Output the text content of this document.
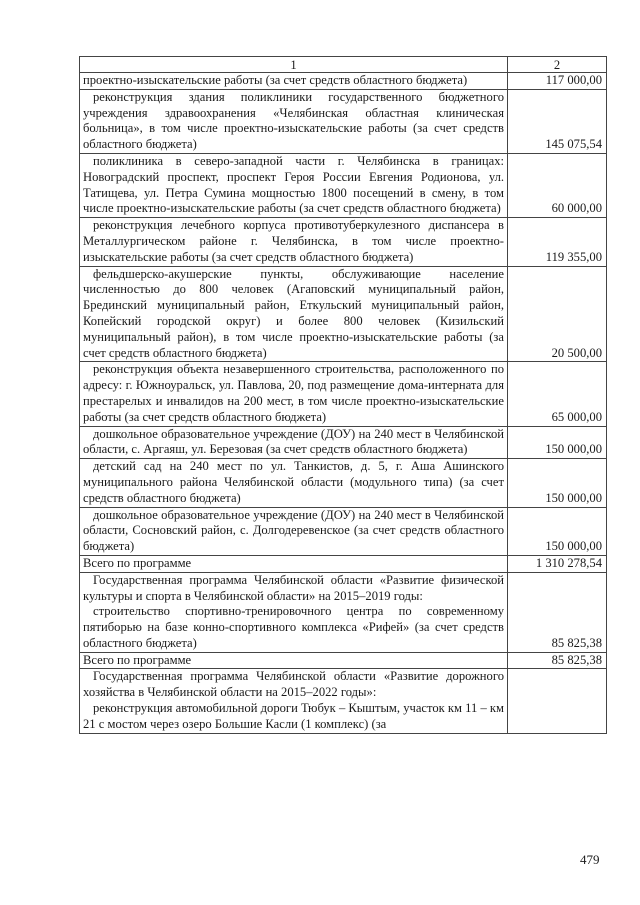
1	2
проектно-изыскательские работы (за счет средств областного бюджета)	117 000,00

реконструкция здания поликлиники государственного бюджетного учреждения здравоохранения «Челябинская областная клиническая больница», в том числе проектно-изыскательские работы (за счет средств областного бюджета)	145 075,54

поликлиника в северо-западной части г. Челябинска в границах: Новоградский проспект, проспект Героя России Евгения Родионова, ул. Татищева, ул. Петра Сумина мощностью 1800 посещений в смену, в том числе проектно-изыскательские работы (за счет средств областного бюджета)	60 000,00

реконструкция лечебного корпуса противотуберкулезного диспансера в Металлургическом районе г. Челябинска, в том числе проектно-изыскательские работы (за счет средств областного бюджета)	119 355,00

фельдшерско-акушерские пункты, обслуживающие население численностью до 800 человек (Агаповский муниципальный район, Брединский муниципальный район, Еткульский муниципальный район, Копейский городской округ) и более 800 человек (Кизильский муниципальный район), в том числе проектно-изыскательские работы (за счет средств областного бюджета)	20 500,00

реконструкция объекта незавершенного строительства, расположенного по адресу: г. Южноуральск, ул. Павлова, 20, под размещение дома-интерната для престарелых и инвалидов на 200 мест, в том числе проектно-изыскательские работы (за счет средств областного бюджета)	65 000,00

дошкольное образовательное учреждение (ДОУ) на 240 мест в Челябинской области, с. Аргаяш, ул. Березовая (за счет средств областного бюджета)	150 000,00

детский сад на 240 мест по ул. Танкистов, д. 5, г. Аша Ашинского муниципального района Челябинской области (модульного типа) (за счет средств областного бюджета)	150 000,00

дошкольное образовательное учреждение (ДОУ) на 240 мест в Челябинской области, Сосновский район, с. Долгодеревенское (за счет средств областного бюджета)	150 000,00
Всего по программе	1 310 278,54

Государственная программа Челябинской области «Развитие физической культуры и спорта в Челябинской области» на 2015–2019 годы:
строительство спортивно-тренировочного центра по современному пятиборью на базе конно-спортивного комплекса «Рифей» (за счет средств областного бюджета)	85 825,38
Всего по программе	85 825,38

Государственная программа Челябинской области «Развитие дорожного хозяйства в Челябинской области на 2015–2022 годы»:
реконструкция автомобильной дороги Тюбук – Кыштым, участок км 11 – км 21 с мостом через озеро Большие Касли (1 комплекс) (за	

479
